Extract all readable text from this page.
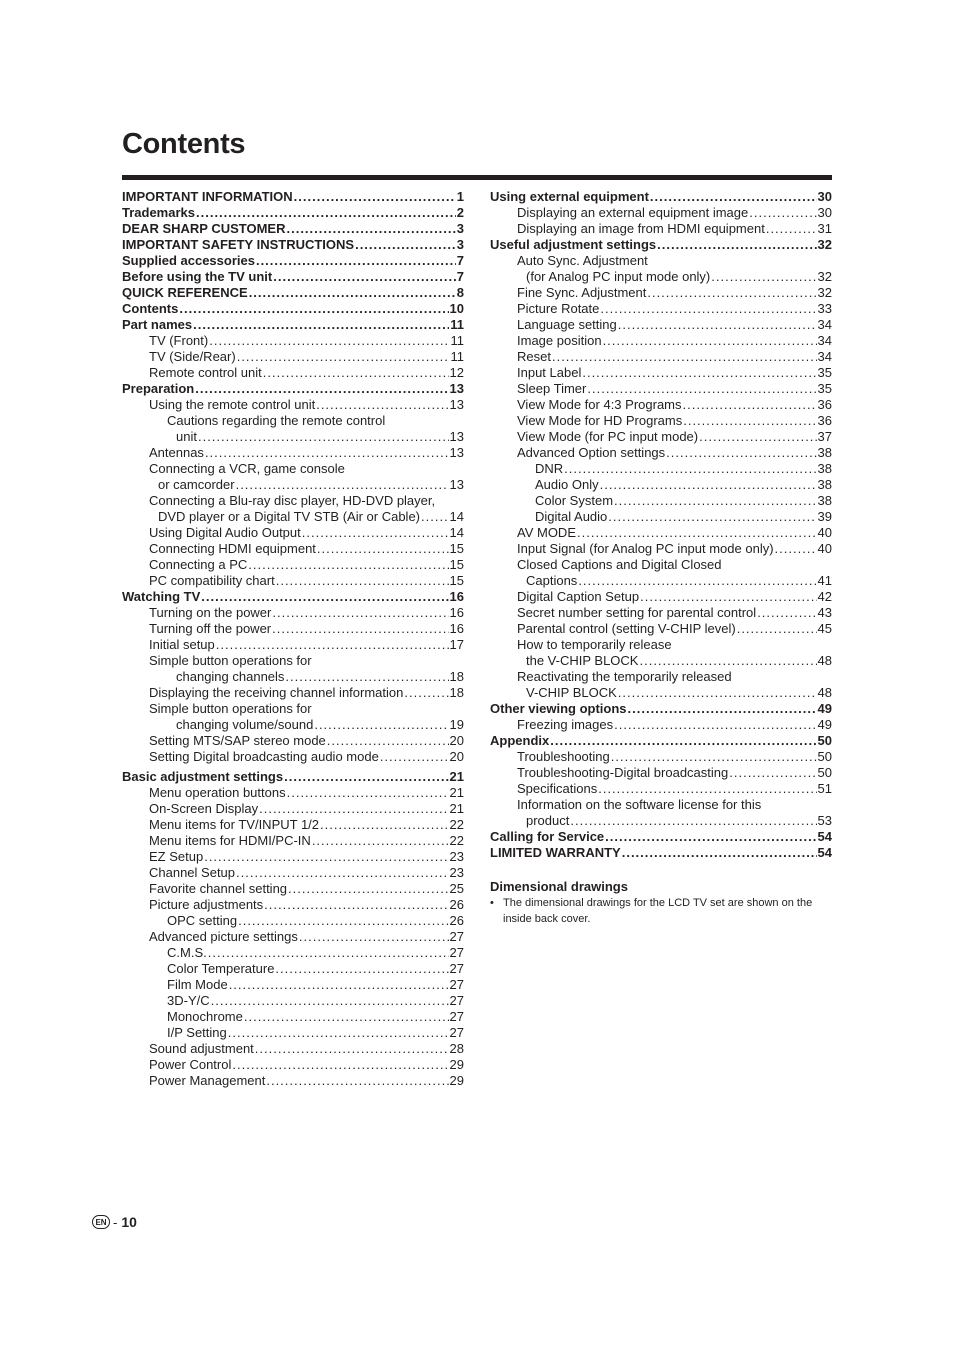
Contents
IMPORTANT INFORMATION .....	1
Trademarks .....	2
DEAR SHARP CUSTOMER .....	3
IMPORTANT SAFETY INSTRUCTIONS .....	3
Supplied accessories .....	7
Before using the TV unit .....	7
QUICK REFERENCE .....	8
Contents .....	10
Part names .....	11
TV (Front) .....	11
TV (Side/Rear) .....	11
Remote control unit .....	12
Preparation .....	13
Using the remote control unit .....	13
Cautions regarding the remote control
unit .....	13
Antennas .....	13
Connecting a VCR, game console
or camcorder .....	13
Connecting a Blu-ray disc player, HD-DVD player,
DVD player or a Digital TV STB (Air or Cable) ..... 14
Using Digital Audio Output .....	14
Connecting HDMI equipment .....	15
Connecting a PC .....	15
PC compatibility chart .....	15
Watching TV .....	16
Turning on the power .....	16
Turning off the power .....	16
Initial setup .....	17
Simple button operations for
changing channels .....	18
Displaying the receiving channel information .....	18
Simple button operations for
changing volume/sound .....	19
Setting MTS/SAP stereo mode .....	20
Setting Digital broadcasting audio mode .....	20
Basic adjustment settings .....	21
Menu operation buttons .....	21
On-Screen Display .....	21
Menu items for TV/INPUT 1/2 .....	22
Menu items for HDMI/PC-IN .....	22
EZ Setup .....	23
Channel Setup .....	23
Favorite channel setting .....	25
Picture adjustments .....	26
OPC setting .....	26
Advanced picture settings .....	27
C.M.S. .....	27
Color Temperature .....	27
Film Mode .....	27
3D-Y/C .....	27
Monochrome .....	27
I/P Setting .....	27
Sound adjustment .....	28
Power Control .....	29
Power Management .....	29
Using external equipment .....	30
Displaying an external equipment image .....	30
Displaying an image from HDMI equipment .....	31
Useful adjustment settings .....	32
Auto Sync. Adjustment
(for Analog PC input mode only) .....	32
Fine Sync. Adjustment .....	32
Picture Rotate .....	33
Language setting .....	34
Image position .....	34
Reset .....	34
Input Label .....	35
Sleep Timer .....	35
View Mode for 4:3 Programs .....	36
View Mode for HD Programs .....	36
View Mode (for PC input mode) .....	37
Advanced Option settings .....	38
DNR .....	38
Audio Only .....	38
Color System .....	38
Digital Audio .....	39
AV MODE .....	40
Input Signal (for Analog PC input mode only) .....	40
Closed Captions and Digital Closed
Captions .....	41
Digital Caption Setup .....	42
Secret number setting for parental control .....	43
Parental control (setting V-CHIP level) .....	45
How to temporarily release
the V-CHIP BLOCK .....	48
Reactivating the temporarily released
V-CHIP BLOCK .....	48
Other viewing options .....	49
Freezing images .....	49
Appendix .....	50
Troubleshooting .....	50
Troubleshooting-Digital broadcasting .....	50
Specifications .....	51
Information on the software license for this
product .....	53
Calling for Service .....	54
LIMITED WARRANTY .....	54
Dimensional drawings
• The dimensional drawings for the LCD TV set are shown on the inside back cover.
EN - 10
